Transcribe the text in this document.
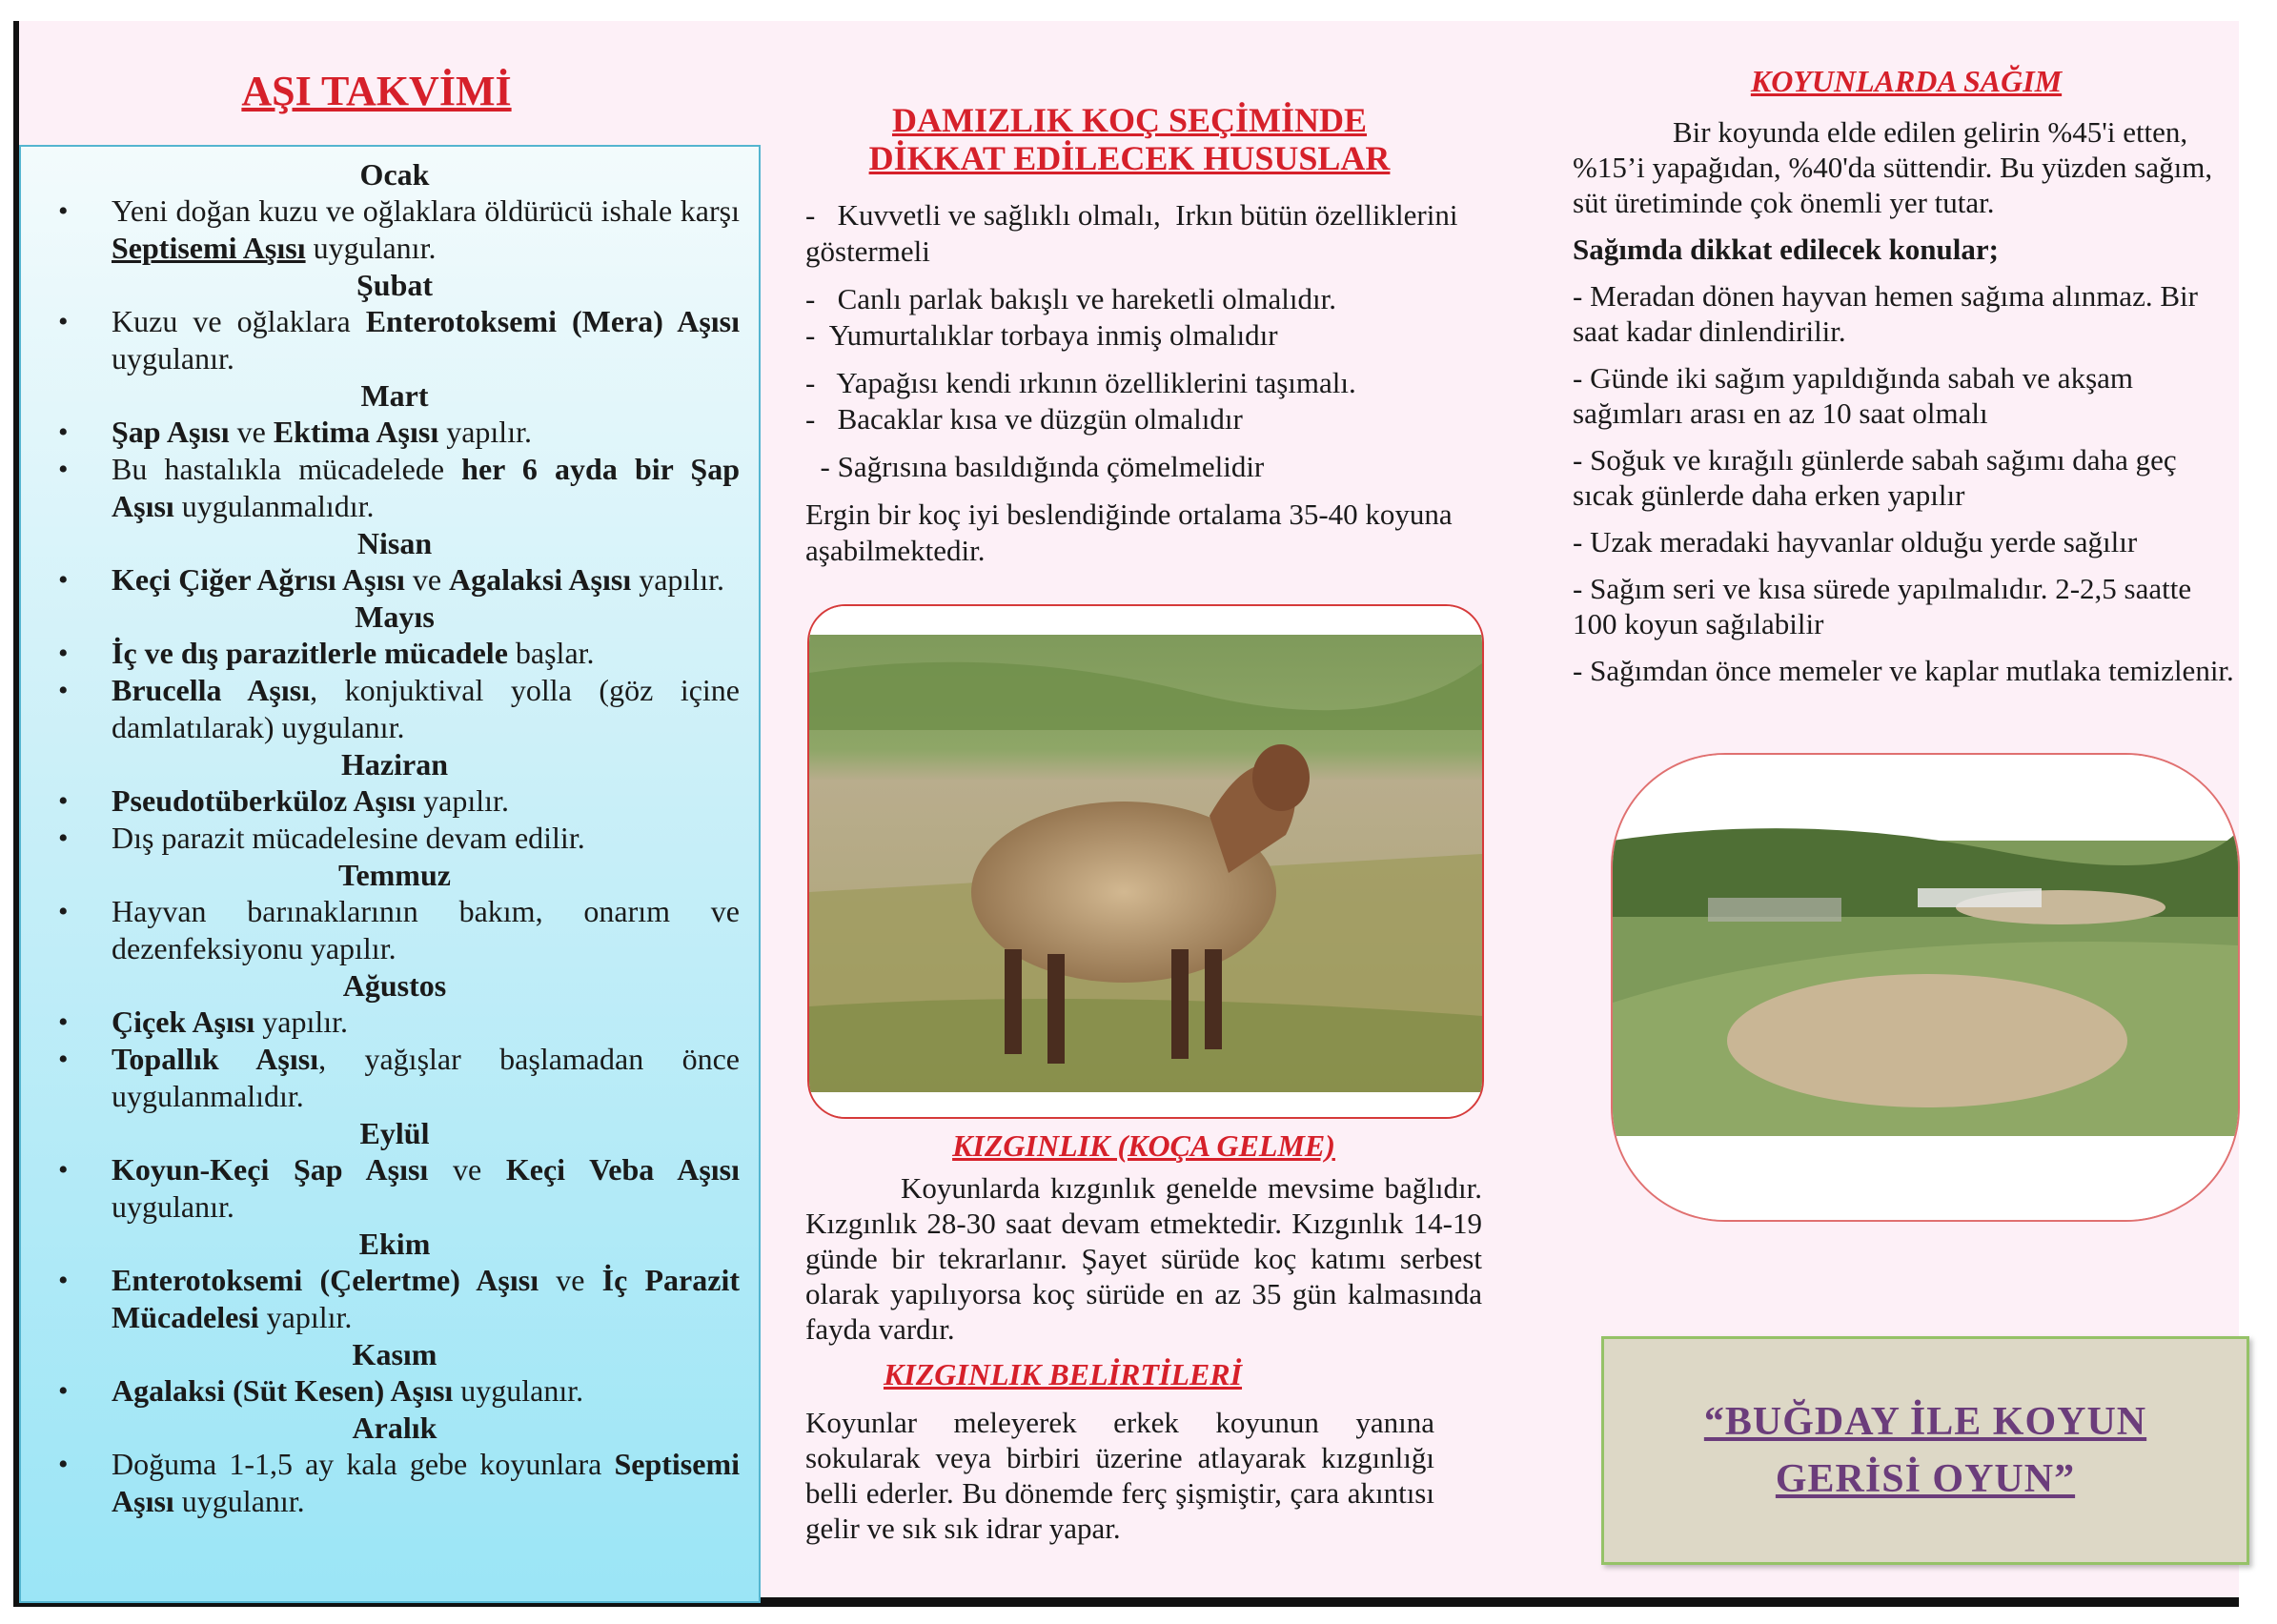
AŞI TAKVİMİ
Ocak
• Yeni doğan kuzu ve oğlaklara öldürücü ishale karşı Septisemi Aşısı uygulanır.
Şubat
• Kuzu ve oğlaklara Enterotoksemi (Mera) Aşısı uygulanır.
Mart
• Şap Aşısı ve Ektima Aşısı yapılır.
• Bu hastalıkla mücadelede her 6 ayda bir Şap Aşısı uygulanmalıdır.
Nisan
• Keçi Çiğer Ağrısı Aşısı ve Agalaksi Aşısı yapılır.
Mayıs
• İç ve dış parazitlerle mücadele başlar.
• Brucella Aşısı, konjuktival yolla (göz içine damlatılarak) uygulanır.
Haziran
• Pseudotüberküloz Aşısı yapılır.
• Dış parazit mücadelesine devam edilir.
Temmuz
• Hayvan barınaklarının bakım, onarım ve dezenfeksiyonu yapılır.
Ağustos
• Çiçek Aşısı yapılır.
• Topallık Aşısı, yağışlar başlamadan önce uygulanmalıdır.
Eylül
• Koyun-Keçi Şap Aşısı ve Keçi Veba Aşısı uygulanır.
Ekim
• Enterotoksemi (Çelertme) Aşısı ve İç Parazit Mücadelesi yapılır.
Kasım
• Agalaksi (Süt Kesen) Aşısı uygulanır.
Aralık
• Doğuma 1-1,5 ay kala gebe koyunlara Septisemi Aşısı uygulanır.
DAMIZLIK KOÇ SEÇİMİNDE
DİKKAT EDİLECEK HUSUSLAR

-   Kuvvetli ve sağlıklı olmalı,  Irkın bütün özelliklerini göstermeli

-   Canlı parlak bakışlı ve hareketli olmalıdır.

-  Yumurtalıklar torbaya inmiş olmalıdır

-   Yapağısı kendi ırkının özelliklerini taşımalı.

-   Bacaklar kısa ve düzgün olmalıdır

- Sağrısına basıldığında çömelmelidir

Ergin bir koç iyi beslendiğinde ortalama 35-40 koyuna aşabilmektedir.

KIZGINLIK (KOÇA GELME)
Koyunlarda kızgınlık genelde mevsime bağlıdır. Kızgınlık 28-30 saat devam etmektedir. Kızgınlık 14-19 günde bir tekrarlanır. Şayet sürüde koç katımı serbest olarak yapılıyorsa koç sürüde en az 35 gün kalmasında fayda vardır.
KIZGINLIK BELİRTİLERİ
Koyunlar meleyerek erkek koyunun yanına sokularak veya birbiri üzerine atlayarak kızgınlığı belli ederler. Bu dönemde ferç şişmiştir, çara akıntısı gelir ve sık sık idrar yapar.
KOYUNLARDA SAĞIM

Bir koyunda elde edilen gelirin %45'i etten, %15’i yapağıdan, %40'da süttendir. Bu yüzden sağım, süt üretiminde çok önemli yer tutar.

Sağımda dikkat edilecek konular;

- Meradan dönen hayvan hemen sağıma alınmaz. Bir saat kadar dinlendirilir.

- Günde iki sağım yapıldığında sabah ve akşam sağımları arası en az 10 saat olmalı

- Soğuk ve kırağılı günlerde sabah sağımı daha geç sıcak günlerde daha erken yapılır

- Uzak meradaki hayvanlar olduğu yerde sağılır

- Sağım seri ve kısa sürede yapılmalıdır. 2-2,5 saatte 100 koyun sağılabilir

- Sağımdan önce memeler ve kaplar mutlaka temizlenir.

“BUĞDAY İLE KOYUN
GERİSİ OYUN”
